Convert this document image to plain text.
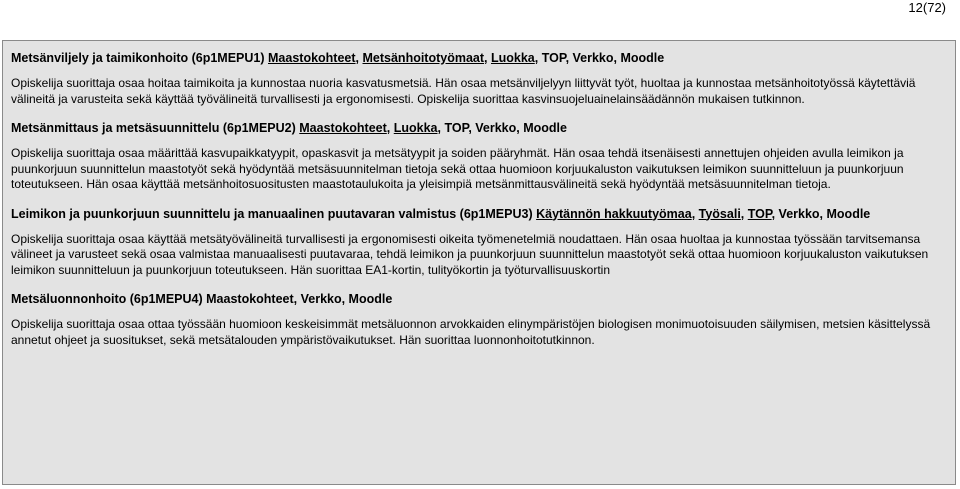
12(72)
Metsänviljely ja taimikonhoito (6p1MEPU1) Maastokohteet, Metsänhoitotyömaat, Luokka, TOP, Verkko, Moodle
Opiskelija suorittaja osaa hoitaa taimikoita ja kunnostaa nuoria kasvatusmetsiä. Hän osaa metsänviljelyyn liittyvät työt, huoltaa ja kunnostaa metsänhoitotyössä käytettäviä välineitä ja varusteita sekä käyttää työvälineitä turvallisesti ja ergonomisesti. Opiskelija suorittaa kasvinsuojeluainelainsäädännön mukaisen tutkinnon.
Metsänmittaus ja metsäsuunnittelu (6p1MEPU2) Maastokohteet, Luokka, TOP, Verkko, Moodle
Opiskelija suorittaja osaa määrittää kasvupaikkatyypit, opaskasvit ja metsätyypit ja soiden pääryhmät. Hän osaa tehdä itsenäisesti annettujen ohjeiden avulla leimikon ja puunkorjuun suunnittelun maastotyöt sekä hyödyntää metsäsuunnitelman tietoja sekä ottaa huomioon korjuukaluston vaikutuksen leimikon suunnitteluun ja puunkorjuun toteutukseen. Hän osaa käyttää metsänhoitosuositusten maastotaulukoita ja yleisimpiä metsänmittausvälineitä sekä hyödyntää metsäsuunnitelman tietoja.
Leimikon ja puunkorjuun suunnittelu ja manuaalinen puutavaran valmistus (6p1MEPU3) Käytännön hakkuutyömaa, Työsali, TOP, Verkko, Moodle
Opiskelija suorittaja osaa käyttää metsätyövälineitä turvallisesti ja ergonomisesti oikeita työmenetelmiä noudattaen. Hän osaa huoltaa ja kunnostaa työssään tarvitsemansa välineet ja varusteet sekä osaa valmistaa manuaalisesti puutavaraa, tehdä leimikon ja puunkorjuun suunnittelun maastotyöt sekä ottaa huomioon korjuukaluston vaikutuksen leimikon suunnitteluun ja puunkorjuun toteutukseen. Hän suorittaa EA1-kortin, tulityökortin ja työturvallisuuskortin
Metsäluonnonhoito (6p1MEPU4) Maastokohteet, Verkko, Moodle
Opiskelija suorittaja osaa ottaa työssään huomioon keskeisimmät metsäluonnon arvokkaiden elinympäristöjen biologisen monimuotoisuuden säilymisen, metsien käsittelyssä annetut ohjeet ja suositukset, sekä metsätalouden ympäristövaikutukset. Hän suorittaa luonnonhoitotutkinnon.
